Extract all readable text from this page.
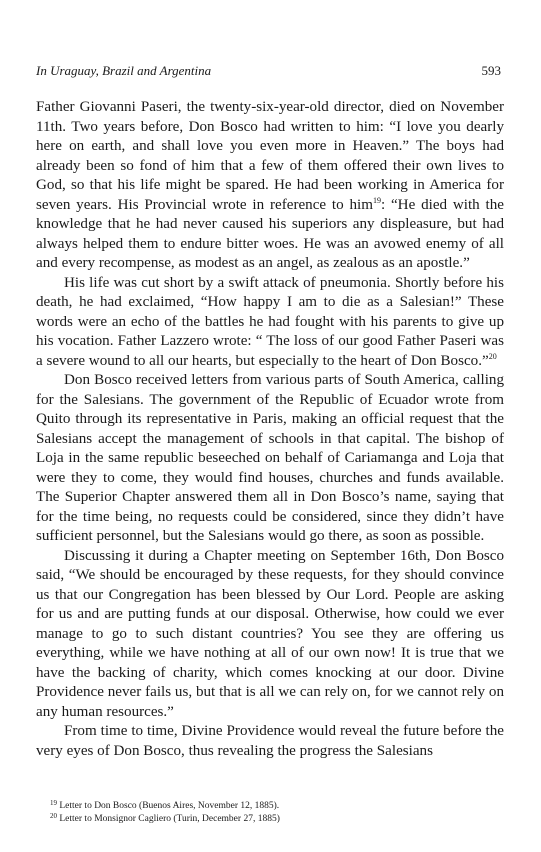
In Uraguay, Brazil and Argentina	593

Father Giovanni Paseri, the twenty-six-year-old director, died on November 11th. Two years before, Don Bosco had written to him: “I love you dearly here on earth, and shall love you even more in Heaven.” The boys had already been so fond of him that a few of them offered their own lives to God, so that his life might be spared. He had been working in America for seven years. His Provincial wrote in reference to him$^{19}$: “He died with the knowledge that he had never caused his superiors any displeasure, but had always helped them to endure bitter woes. He was an avowed enemy of all and every recompense, as modest as an angel, as zealous as an apostle.”

His life was cut short by a swift attack of pneumonia. Shortly before his death, he had exclaimed, “How happy I am to die as a Salesian!” These words were an echo of the battles he had fought with his parents to give up his vocation. Father Lazzero wrote: “ The loss of our good Father Paseri was a severe wound to all our hearts, but especially to the heart of Don Bosco.”$^{20}$

Don Bosco received letters from various parts of South America, calling for the Salesians. The government of the Republic of Ecuador wrote from Quito through its representative in Paris, making an official request that the Salesians accept the management of schools in that capital. The bishop of Loja in the same republic beseeched on behalf of Cariamanga and Loja that were they to come, they would find houses, churches and funds available. The Superior Chapter answered them all in Don Bosco’s name, saying that for the time being, no requests could be considered, since they didn’t have sufficient personnel, but the Salesians would go there, as soon as possible.

Discussing it during a Chapter meeting on September 16th, Don Bosco said, “We should be encouraged by these requests, for they should convince us that our Congregation has been blessed by Our Lord. People are asking for us and are putting funds at our disposal. Otherwise, how could we ever manage to go to such distant countries? You see they are offering us everything, while we have nothing at all of our own now! It is true that we have the backing of charity, which comes knocking at our door. Divine Providence never fails us, but that is all we can rely on, for we cannot rely on any human resources.”

From time to time, Divine Providence would reveal the future before the very eyes of Don Bosco, thus revealing the progress the Salesians

$^{19}$ Letter to Don Bosco (Buenos Aires, November 12, 1885).
$^{20}$ Letter to Monsignor Cagliero (Turin, December 27, 1885)
